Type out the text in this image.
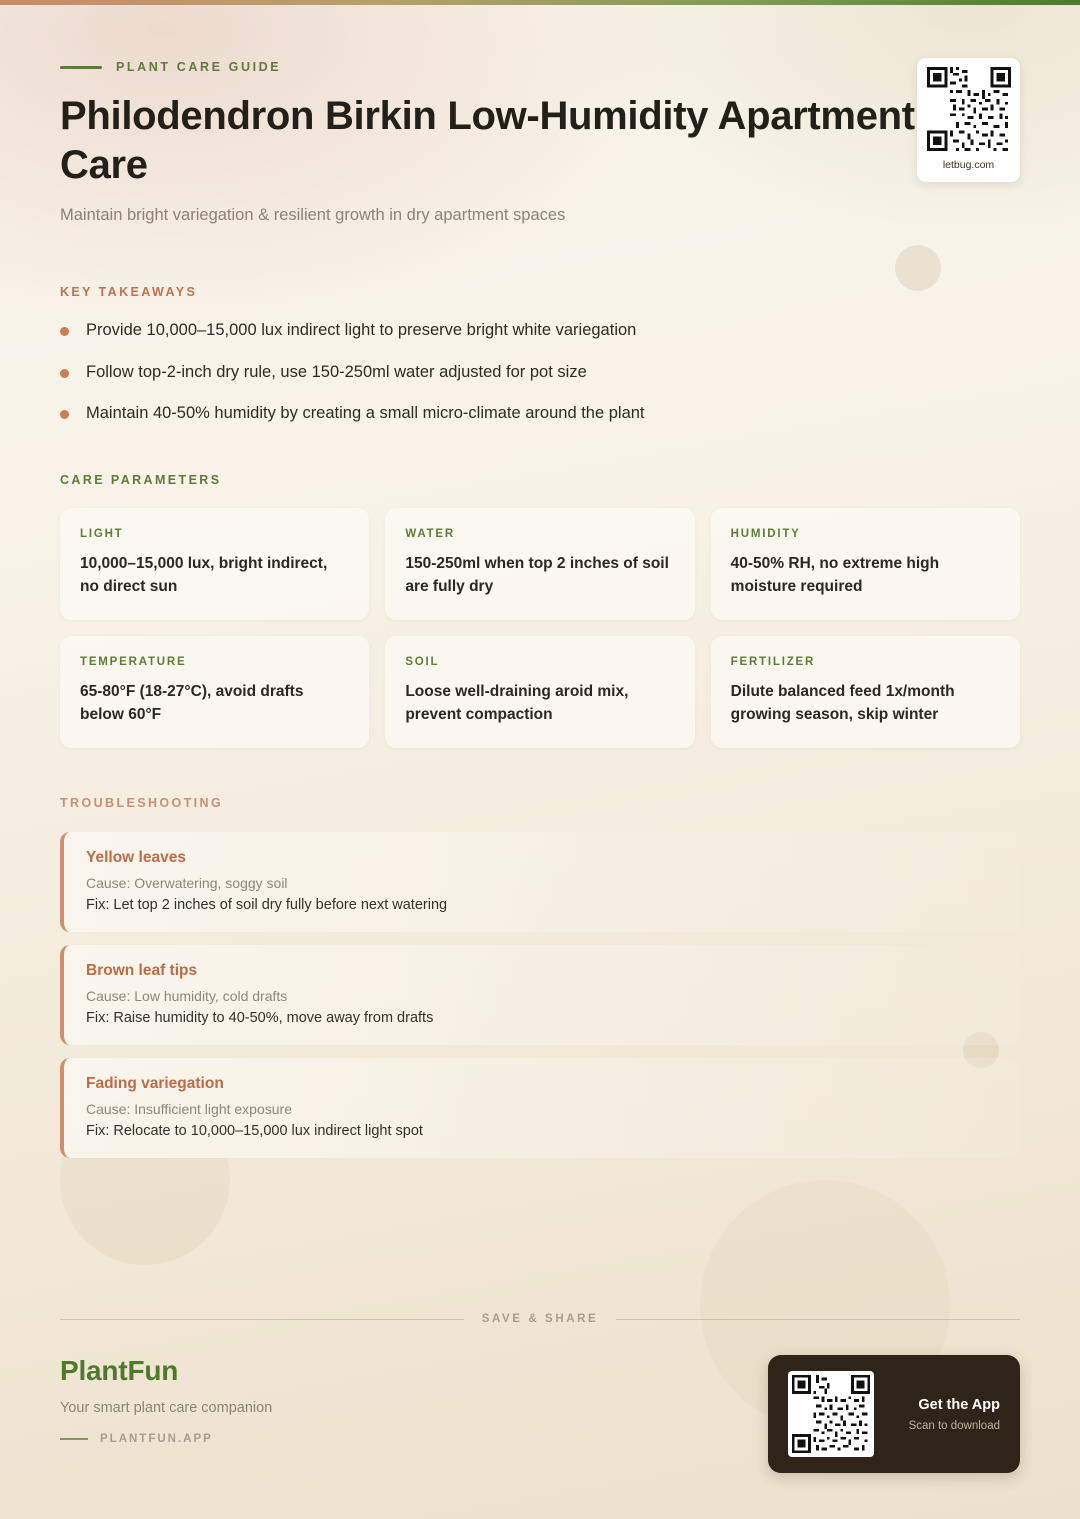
letbug.com
PLANT CARE GUIDE
Philodendron Birkin Low-Humidity Apartment Care
Maintain bright variegation & resilient growth in dry apartment spaces
KEY TAKEAWAYS
Provide 10,000–15,000 lux indirect light to preserve bright white variegation
Follow top-2-inch dry rule, use 150-250ml water adjusted for pot size
Maintain 40-50% humidity by creating a small micro-climate around the plant
CARE PARAMETERS
LIGHT
10,000–15,000 lux, bright indirect, no direct sun
WATER
150-250ml when top 2 inches of soil are fully dry
HUMIDITY
40-50% RH, no extreme high moisture required
TEMPERATURE
65-80°F (18-27°C), avoid drafts below 60°F
SOIL
Loose well-draining aroid mix, prevent compaction
FERTILIZER
Dilute balanced feed 1x/month growing season, skip winter
TROUBLESHOOTING
Yellow leaves
Cause: Overwatering, soggy soil
Fix: Let top 2 inches of soil dry fully before next watering
Brown leaf tips
Cause: Low humidity, cold drafts
Fix: Raise humidity to 40-50%, move away from drafts
Fading variegation
Cause: Insufficient light exposure
Fix: Relocate to 10,000–15,000 lux indirect light spot
SAVE & SHARE
PlantFun
Your smart plant care companion
PLANTFUN.APP
Get the App
Scan to download
